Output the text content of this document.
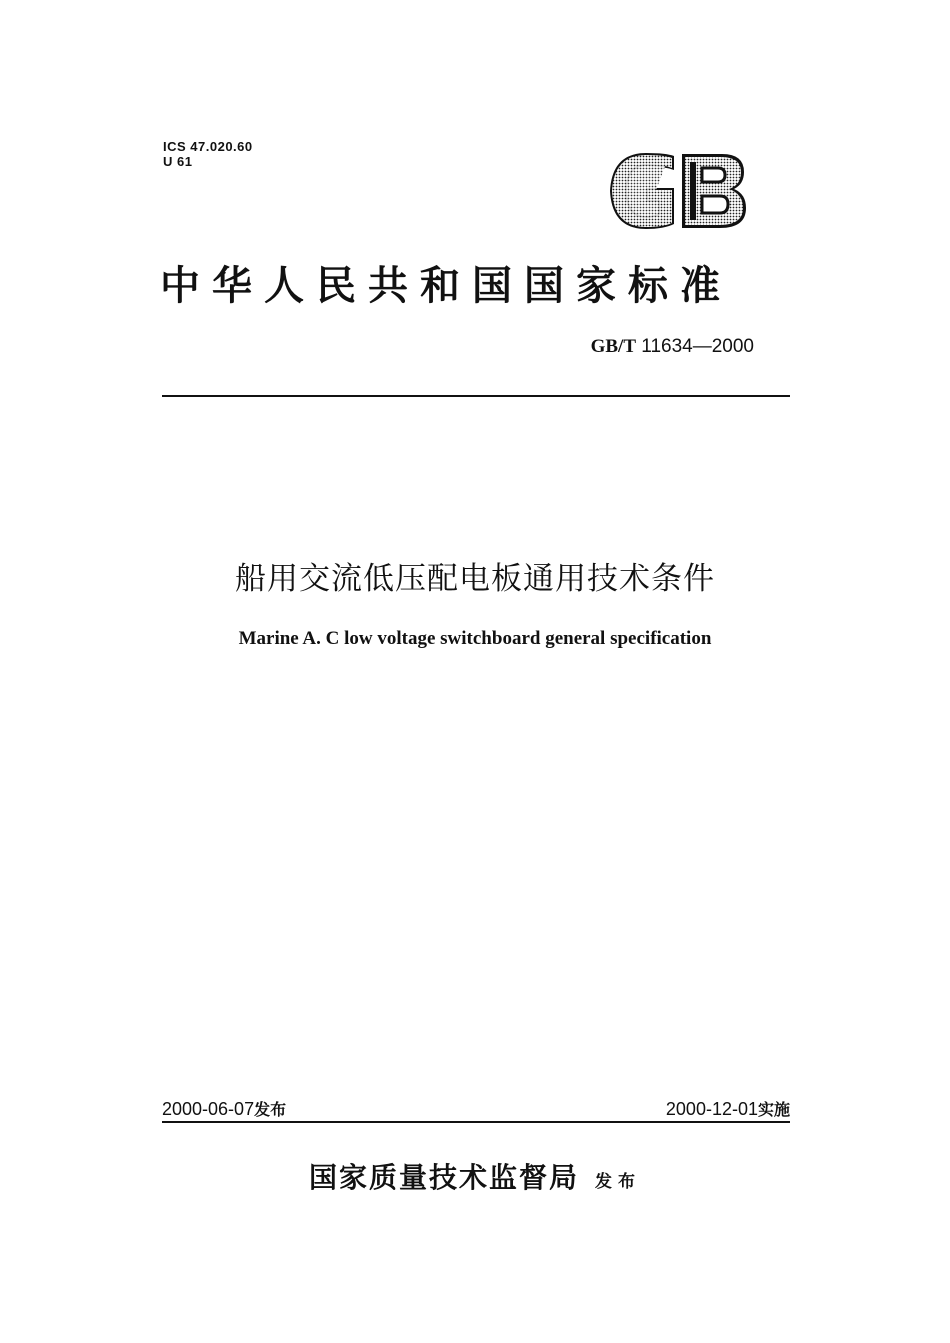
ICS 47.020.60
U 61
中华人民共和国国家标准
GB/T 11634—2000
船用交流低压配电板通用技术条件
Marine A. C low voltage switchboard general specification
2000-06-07发布	2000-12-01实施
国家质量技术监督局 发布
